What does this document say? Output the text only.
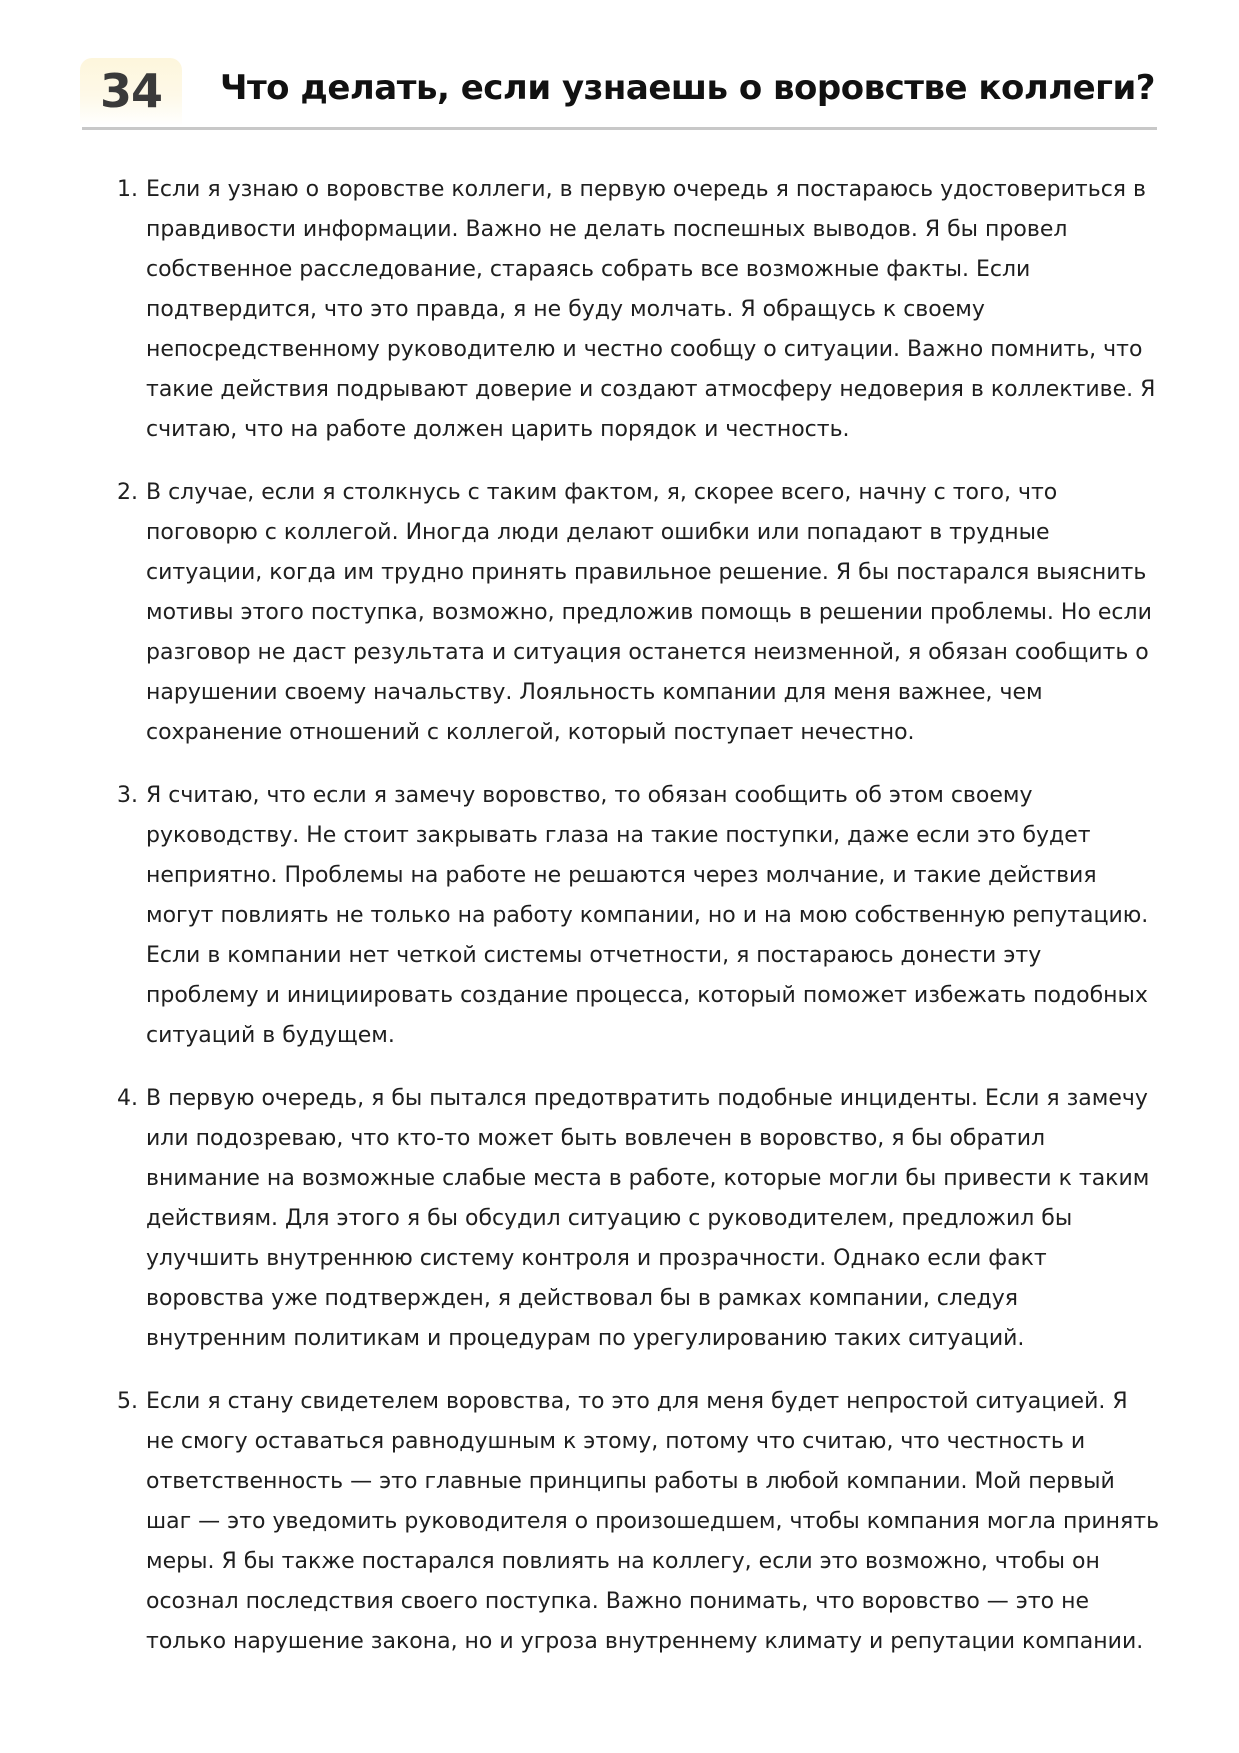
34 Что делать, если узнаешь о воровстве коллеги?
1. Если я узнаю о воровстве коллеги, в первую очередь я постараюсь удостовериться в правдивости информации. Важно не делать поспешных выводов. Я бы провел собственное расследование, стараясь собрать все возможные факты. Если подтвердится, что это правда, я не буду молчать. Я обращусь к своему непосредственному руководителю и честно сообщу о ситуации. Важно помнить, что такие действия подрывают доверие и создают атмосферу недоверия в коллективе. Я считаю, что на работе должен царить порядок и честность.
2. В случае, если я столкнусь с таким фактом, я, скорее всего, начну с того, что поговорю с коллегой. Иногда люди делают ошибки или попадают в трудные ситуации, когда им трудно принять правильное решение. Я бы постарался выяснить мотивы этого поступка, возможно, предложив помощь в решении проблемы. Но если разговор не даст результата и ситуация останется неизменной, я обязан сообщить о нарушении своему начальству. Лояльность компании для меня важнее, чем сохранение отношений с коллегой, который поступает нечестно.
3. Я считаю, что если я замечу воровство, то обязан сообщить об этом своему руководству. Не стоит закрывать глаза на такие поступки, даже если это будет неприятно. Проблемы на работе не решаются через молчание, и такие действия могут повлиять не только на работу компании, но и на мою собственную репутацию. Если в компании нет четкой системы отчетности, я постараюсь донести эту проблему и инициировать создание процесса, который поможет избежать подобных ситуаций в будущем.
4. В первую очередь, я бы пытался предотвратить подобные инциденты. Если я замечу или подозреваю, что кто-то может быть вовлечен в воровство, я бы обратил внимание на возможные слабые места в работе, которые могли бы привести к таким действиям. Для этого я бы обсудил ситуацию с руководителем, предложил бы улучшить внутреннюю систему контроля и прозрачности. Однако если факт воровства уже подтвержден, я действовал бы в рамках компании, следуя внутренним политикам и процедурам по урегулированию таких ситуаций.
5. Если я стану свидетелем воровства, то это для меня будет непростой ситуацией. Я не смогу оставаться равнодушным к этому, потому что считаю, что честность и ответственность — это главные принципы работы в любой компании. Мой первый шаг — это уведомить руководителя о произошедшем, чтобы компания могла принять меры. Я бы также постарался повлиять на коллегу, если это возможно, чтобы он осознал последствия своего поступка. Важно понимать, что воровство — это не только нарушение закона, но и угроза внутреннему климату и репутации компании.
